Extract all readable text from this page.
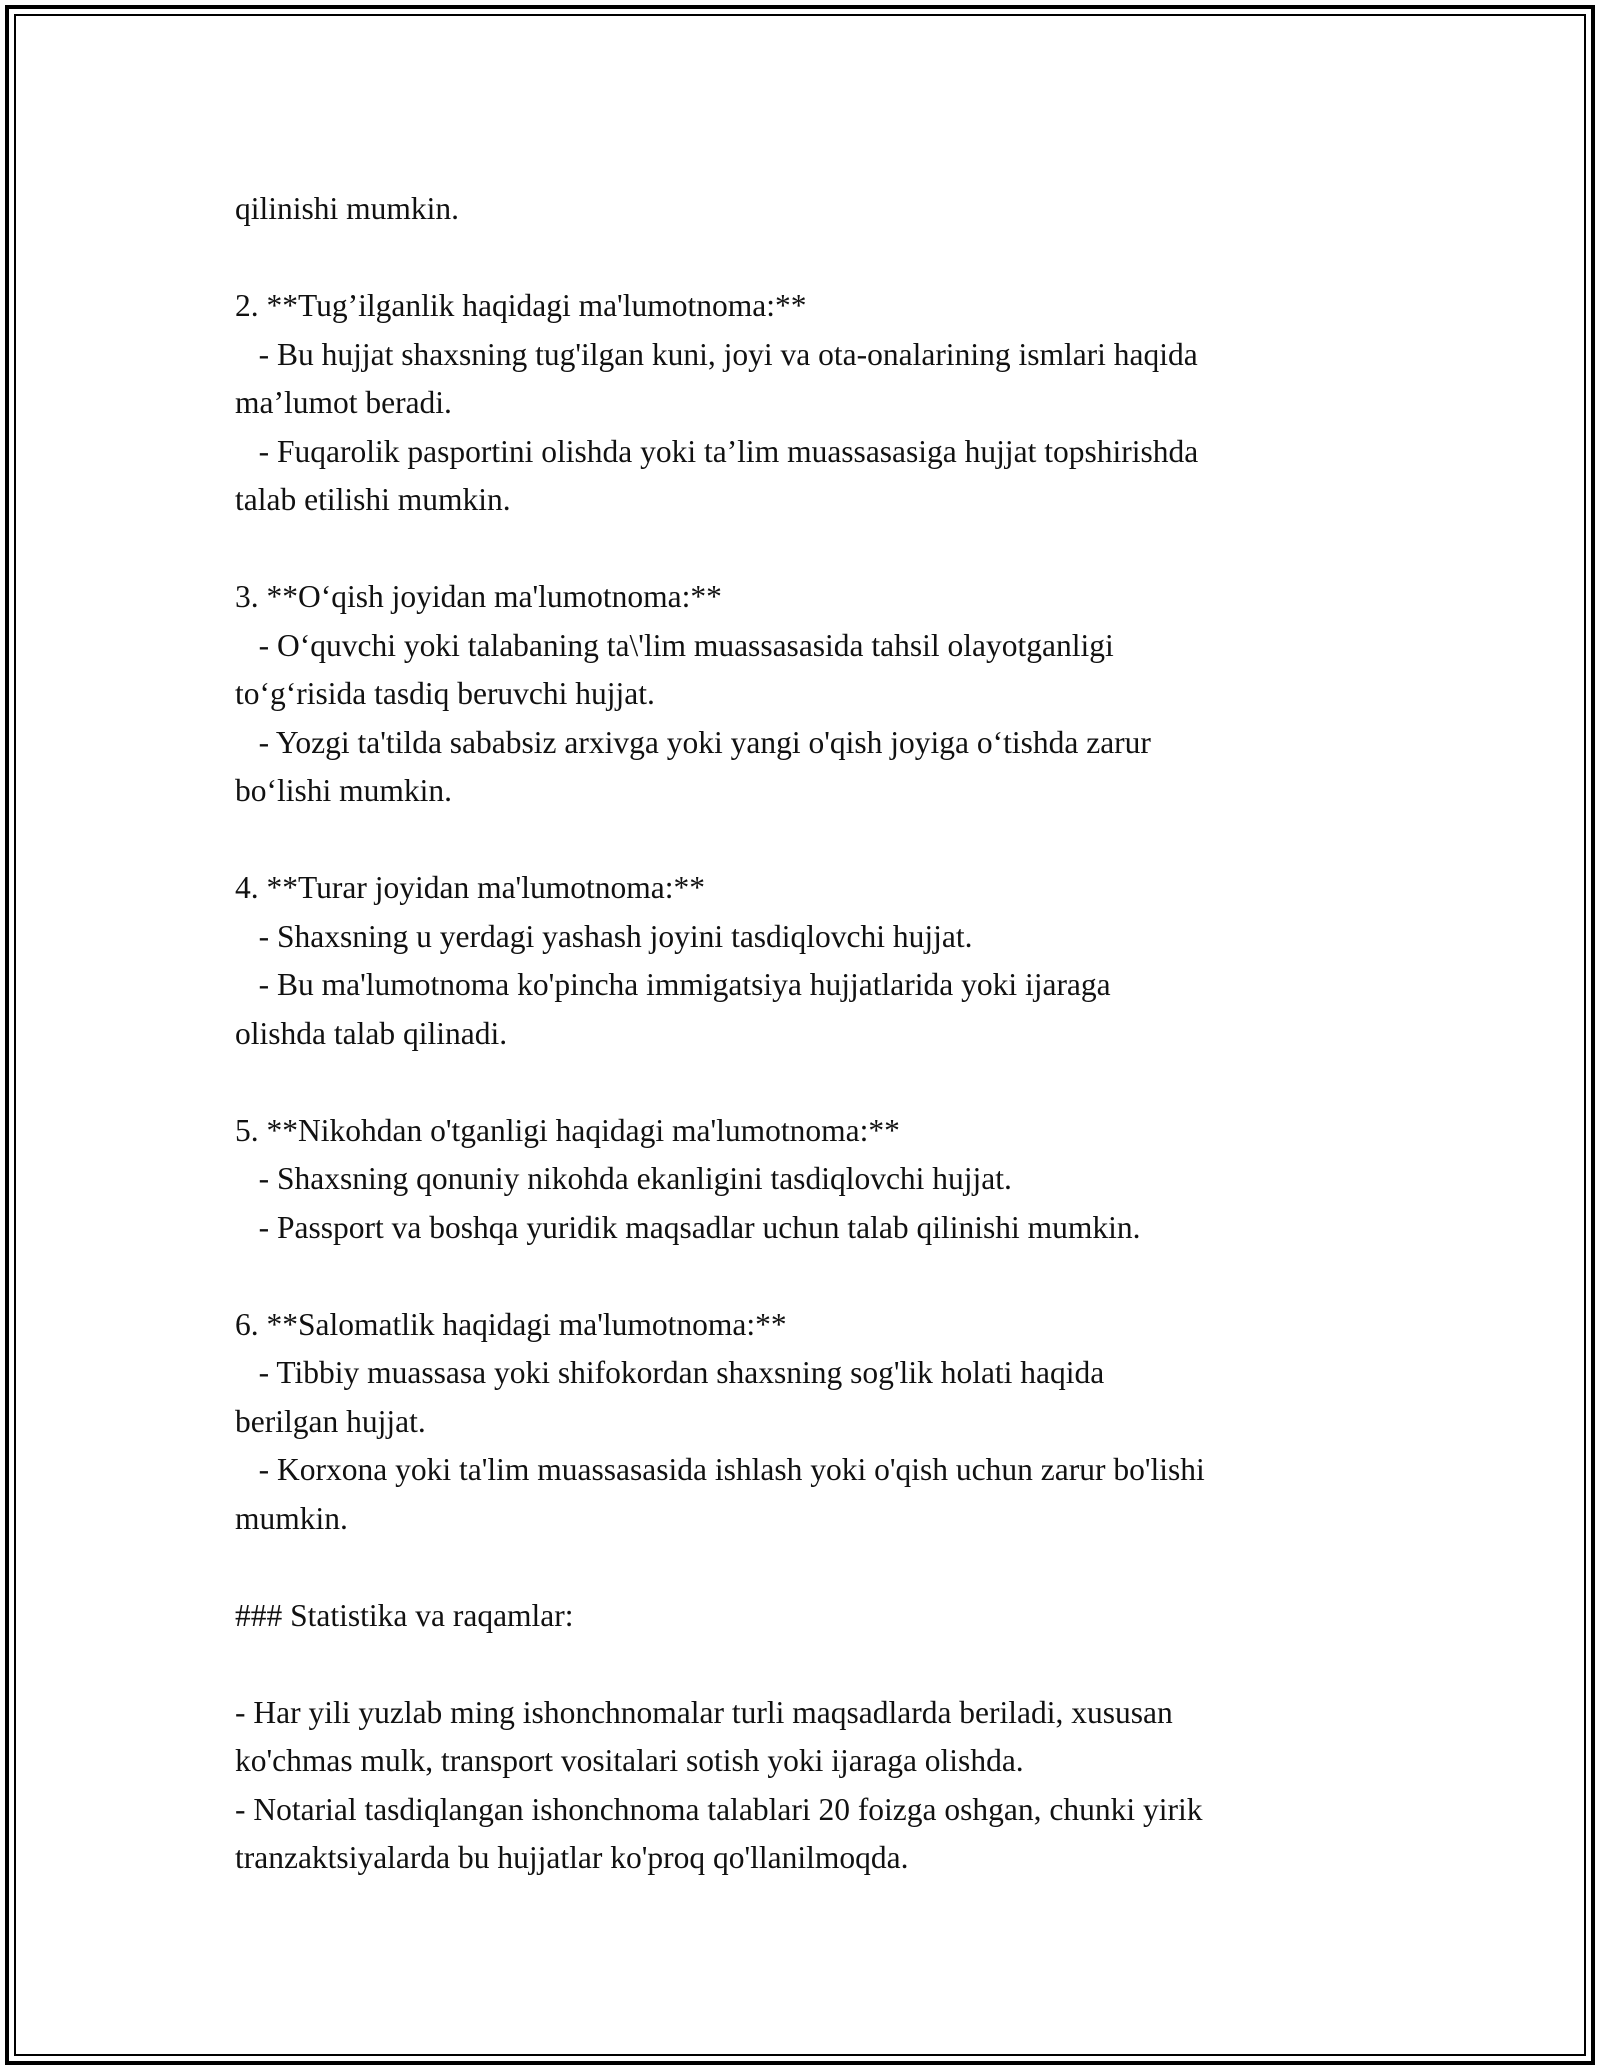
qilinishi mumkin.
2. **Tug’ilganlik haqidagi ma'lumotnoma:**
- Bu hujjat shaxsning tug'ilgan kuni, joyi va ota-onalarining ismlari haqida
ma’lumot beradi.
- Fuqarolik pasportini olishda yoki ta’lim muassasasiga hujjat topshirishda
talab etilishi mumkin.
3. **O‘qish joyidan ma'lumotnoma:**
- O‘quvchi yoki talabaning ta\'lim muassasasida tahsil olayotganligi
to‘g‘risida tasdiq beruvchi hujjat.
- Yozgi ta'tilda sababsiz arxivga yoki yangi o'qish joyiga o‘tishda zarur
bo‘lishi mumkin.
4. **Turar joyidan ma'lumotnoma:**
- Shaxsning u yerdagi yashash joyini tasdiqlovchi hujjat.
- Bu ma'lumotnoma ko'pincha immigatsiya hujjatlarida yoki ijaraga
olishda talab qilinadi.
5. **Nikohdan o'tganligi haqidagi ma'lumotnoma:**
- Shaxsning qonuniy nikohda ekanligini tasdiqlovchi hujjat.
- Passport va boshqa yuridik maqsadlar uchun talab qilinishi mumkin.
6. **Salomatlik haqidagi ma'lumotnoma:**
- Tibbiy muassasa yoki shifokordan shaxsning sog'lik holati haqida
berilgan hujjat.
- Korxona yoki ta'lim muassasasida ishlash yoki o'qish uchun zarur bo'lishi
mumkin.
### Statistika va raqamlar:
- Har yili yuzlab ming ishonchnomalar turli maqsadlarda beriladi, xususan
ko'chmas mulk, transport vositalari sotish yoki ijaraga olishda.
- Notarial tasdiqlangan ishonchnoma talablari 20 foizga oshgan, chunki yirik
tranzaktsiyalarda bu hujjatlar ko'proq qo'llanilmoqda.
